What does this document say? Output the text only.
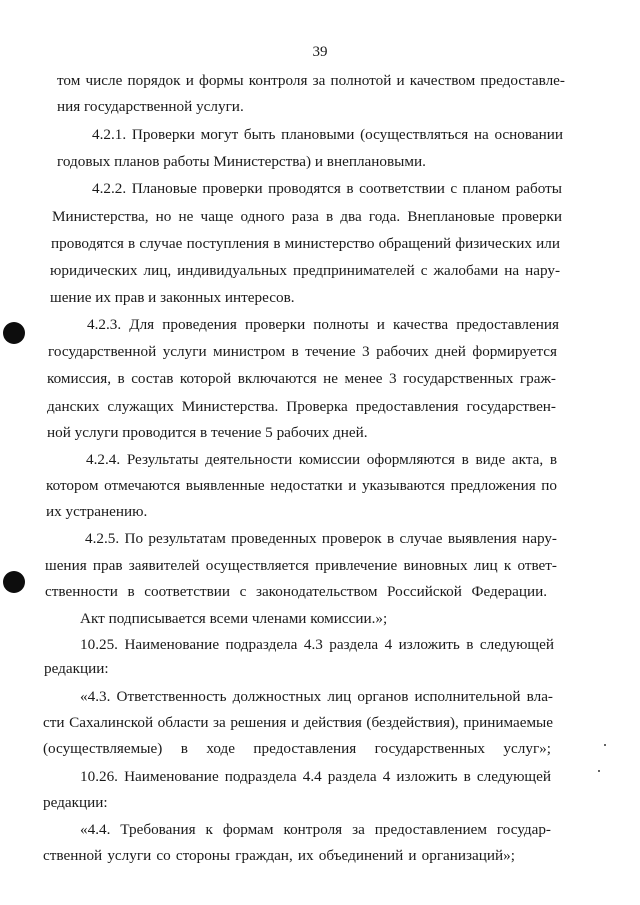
39
том числе порядок и формы контроля за полнотой и качеством предоставле-
ния государственной услуги.
4.2.1. Проверки могут быть плановыми (осуществляться на основании
годовых планов работы Министерства) и внеплановыми.
4.2.2. Плановые проверки проводятся в соответствии с планом работы
Министерства, но не чаще одного раза в два года. Внеплановые проверки
проводятся в случае поступления в министерство обращений физических или
юридических лиц, индивидуальных предпринимателей с жалобами на нару-
шение их прав и законных интересов.
4.2.3. Для проведения проверки полноты и качества предоставления
государственной услуги министром в течение 3 рабочих дней формируется
комиссия, в состав которой включаются не менее 3 государственных граж-
данских служащих Министерства. Проверка предоставления государствен-
ной услуги проводится в течение 5 рабочих дней.
4.2.4. Результаты деятельности комиссии оформляются в виде акта, в
котором отмечаются выявленные недостатки и указываются предложения по
их устранению.
4.2.5. По результатам проведенных проверок в случае выявления нару-
шения прав заявителей осуществляется привлечение виновных лиц к ответ-
ственности в соответствии с законодательством Российской Федерации.
Акт подписывается всеми членами комиссии.»;
10.25. Наименование подраздела 4.3 раздела 4 изложить в следующей
редакции:
«4.3. Ответственность должностных лиц органов исполнительной вла-
сти Сахалинской области за решения и действия (бездействия), принимаемые
(осуществляемые) в ходе предоставления государственных услуг»;
10.26. Наименование подраздела 4.4 раздела 4 изложить в следующей
редакции:
«4.4. Требования к формам контроля за предоставлением государ-
ственной услуги со стороны граждан, их объединений и организаций»;
